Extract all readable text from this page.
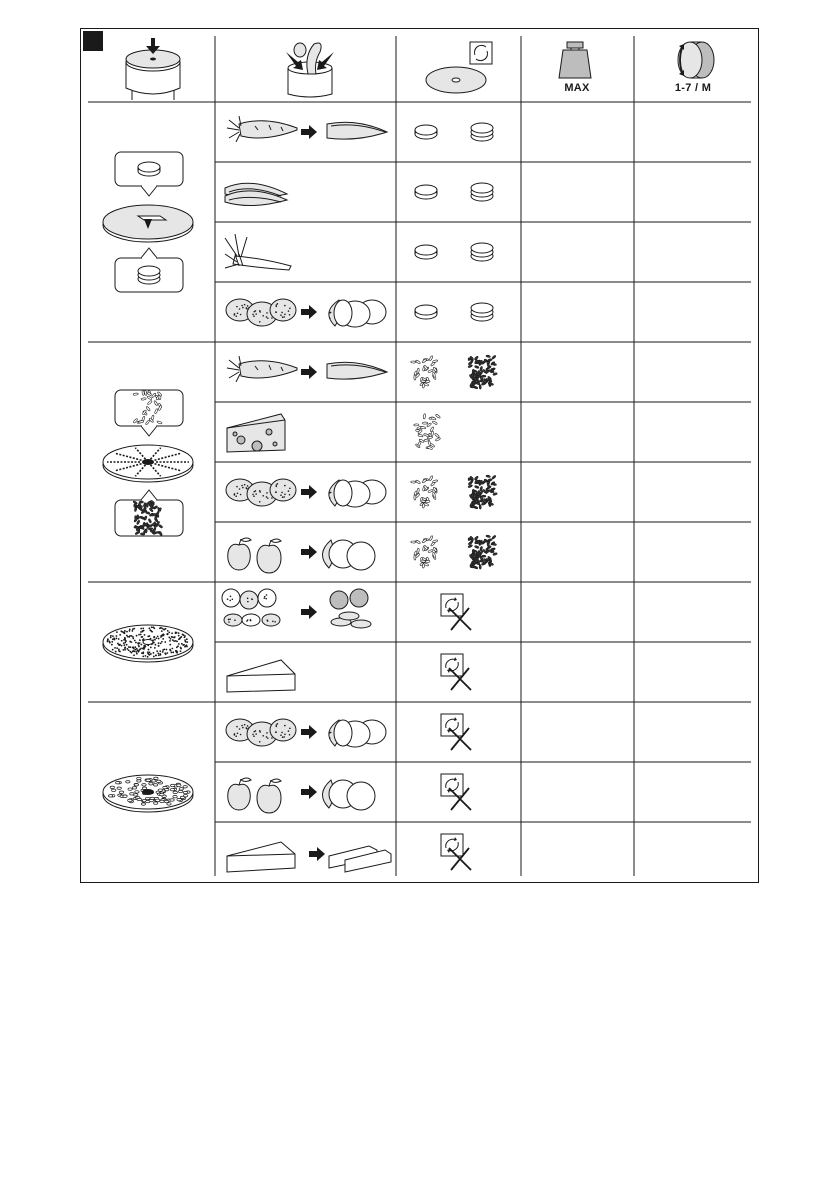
MAX	1-7 / M
